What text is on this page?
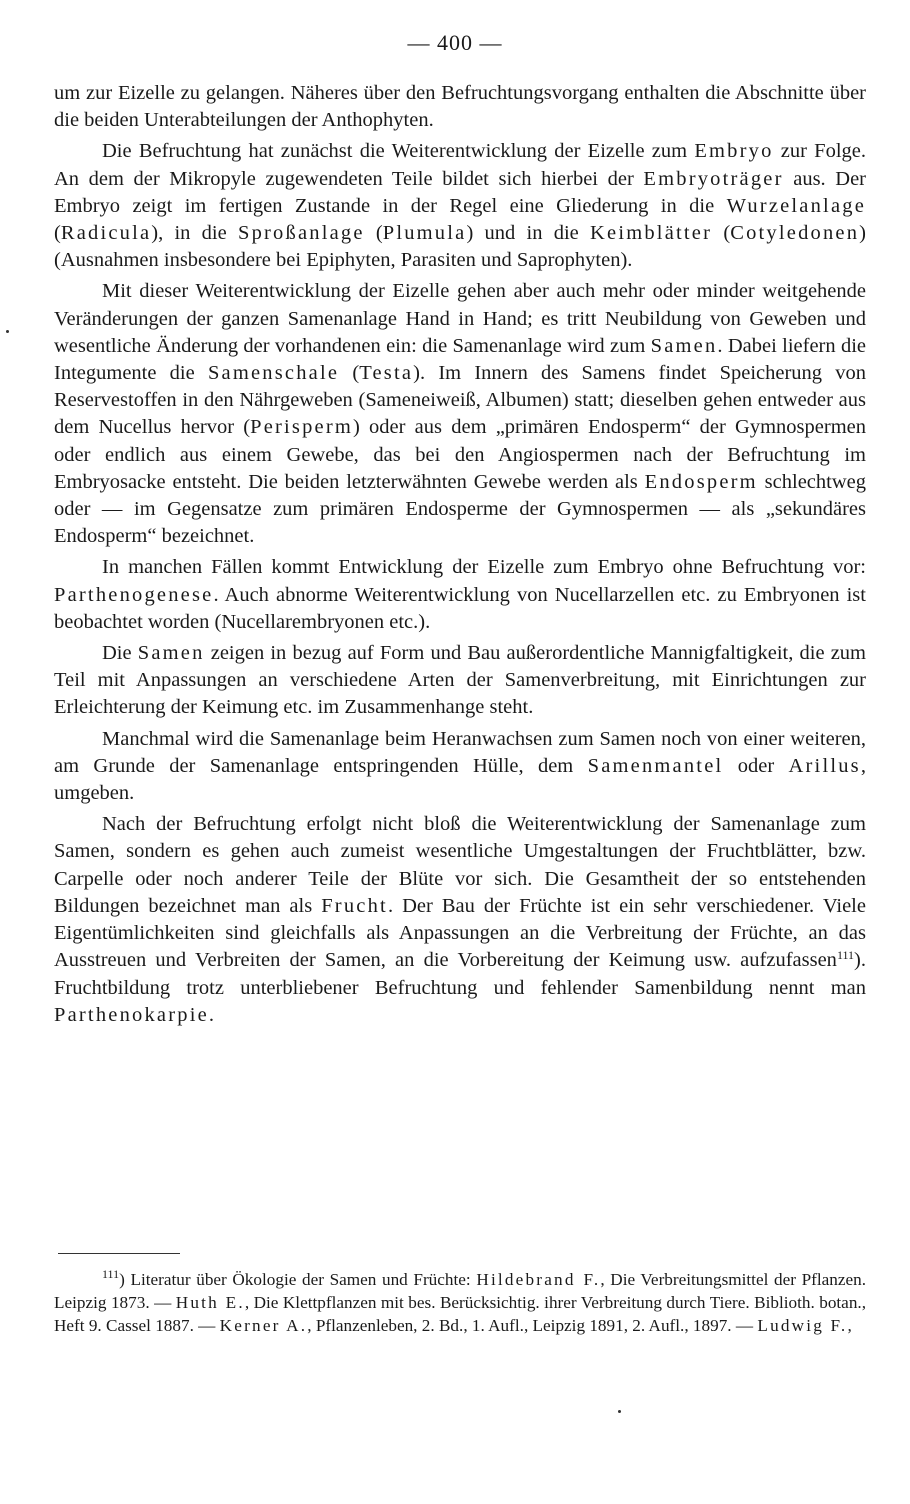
— 400 —

um zur Eizelle zu gelangen. Näheres über den Befruchtungsvorgang enthalten die Abschnitte über die beiden Unterabteilungen der Anthophyten.

Die Befruchtung hat zunächst die Weiterentwicklung der Eizelle zum Embryo zur Folge. An dem der Mikropyle zugewendeten Teile bildet sich hierbei der Embryoträger aus. Der Embryo zeigt im fertigen Zustande in der Regel eine Gliederung in die Wurzelanlage (Radicula), in die Sproßanlage (Plumula) und in die Keimblätter (Cotyledonen) (Ausnahmen insbesondere bei Epiphyten, Parasiten und Saprophyten).

Mit dieser Weiterentwicklung der Eizelle gehen aber auch mehr oder minder weitgehende Veränderungen der ganzen Samenanlage Hand in Hand; es tritt Neubildung von Geweben und wesentliche Änderung der vorhandenen ein: die Samenanlage wird zum Samen. Dabei liefern die Integumente die Samenschale (Testa). Im Innern des Samens findet Speicherung von Reservestoffen in den Nährgeweben (Sameneiweiß, Albumen) statt; dieselben gehen entweder aus dem Nucellus hervor (Perisperm) oder aus dem „primären Endosperm“ der Gymnospermen oder endlich aus einem Gewebe, das bei den Angiospermen nach der Befruchtung im Embryosacke entsteht. Die beiden letzterwähnten Gewebe werden als Endosperm schlechtweg oder — im Gegensatze zum primären Endosperme der Gymnospermen — als „sekundäres Endosperm“ bezeichnet.

In manchen Fällen kommt Entwicklung der Eizelle zum Embryo ohne Befruchtung vor: Parthenogenese. Auch abnorme Weiterentwicklung von Nucellarzellen etc. zu Embryonen ist beobachtet worden (Nucellarembryonen etc.).

Die Samen zeigen in bezug auf Form und Bau außerordentliche Mannigfaltigkeit, die zum Teil mit Anpassungen an verschiedene Arten der Samenverbreitung, mit Einrichtungen zur Erleichterung der Keimung etc. im Zusammenhange steht.

Manchmal wird die Samenanlage beim Heranwachsen zum Samen noch von einer weiteren, am Grunde der Samenanlage entspringenden Hülle, dem Samenmantel oder Arillus, umgeben.

Nach der Befruchtung erfolgt nicht bloß die Weiterentwicklung der Samenanlage zum Samen, sondern es gehen auch zumeist wesentliche Umgestaltungen der Fruchtblätter, bzw. Carpelle oder noch anderer Teile der Blüte vor sich. Die Gesamtheit der so entstehenden Bildungen bezeichnet man als Frucht. Der Bau der Früchte ist ein sehr verschiedener. Viele Eigentümlichkeiten sind gleichfalls als Anpassungen an die Verbreitung der Früchte, an das Ausstreuen und Verbreiten der Samen, an die Vorbereitung der Keimung usw. aufzufassen$^{111}$). Fruchtbildung trotz unterbliebener Befruchtung und fehlender Samenbildung nennt man Parthenokarpie.

$^{111}$) Literatur über Ökologie der Samen und Früchte: Hildebrand F., Die Verbreitungsmittel der Pflanzen. Leipzig 1873. — Huth E., Die Klettpflanzen mit bes. Berücksichtig. ihrer Verbreitung durch Tiere. Biblioth. botan., Heft 9. Cassel 1887. — Kerner A., Pflanzenleben, 2. Bd., 1. Aufl., Leipzig 1891, 2. Aufl., 1897. — Ludwig F.,
